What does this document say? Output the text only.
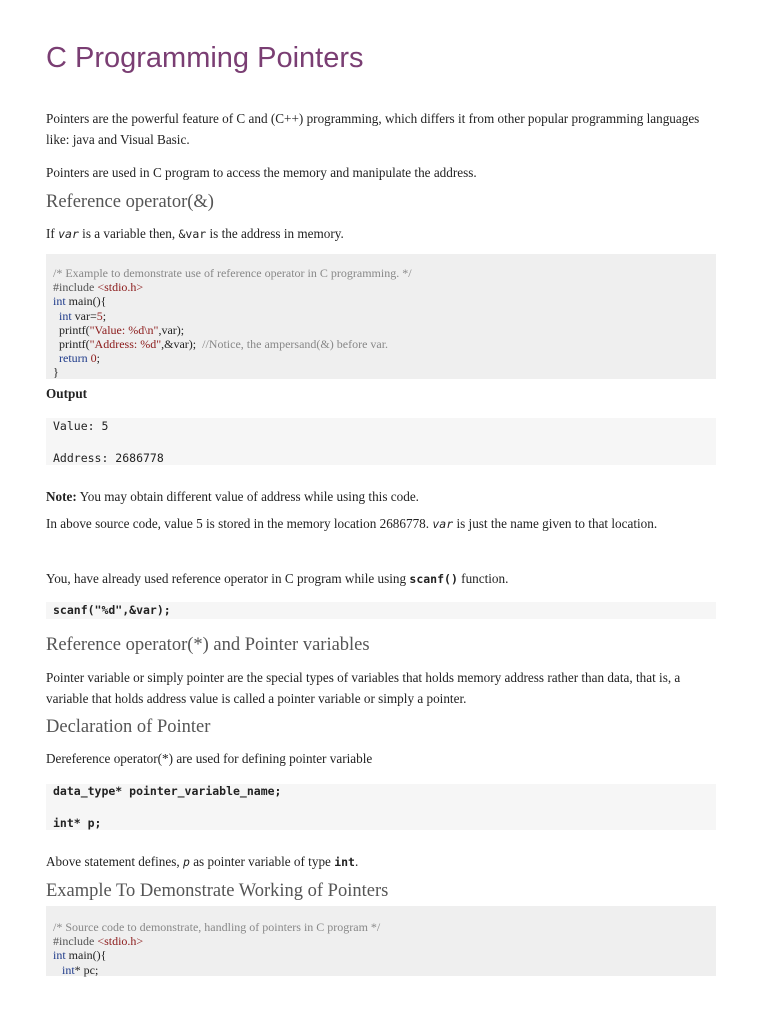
C Programming Pointers

Pointers are the powerful feature of C and (C++) programming, which differs it from other popular programming languages like: java and Visual Basic.

Pointers are used in C program to access the memory and manipulate the address.

Reference operator(&)

If var is a variable then, &var is the address in memory.

/* Example to demonstrate use of reference operator in C programming. */
#include <stdio.h>
int main(){
int var=5;
printf("Value: %d\n",var);
printf("Address: %d",&var);  //Notice, the ampersand(&) before var.
return 0;
}

Output

Value: 5
Address: 2686778

Note: You may obtain different value of address while using this code.

In above source code, value 5 is stored in the memory location 2686778. var is just the name given to that location.

You, have already used reference operator in C program while using scanf() function.

scanf("%d",&var);
Reference operator(*) and Pointer variables

Pointer variable or simply pointer are the special types of variables that holds memory address rather than data, that is, a variable that holds address value is called a pointer variable or simply a pointer.

Declaration of Pointer

Dereference operator(*) are used for defining pointer variable

data_type* pointer_variable_name;
int* p;

Above statement defines, p as pointer variable of type int.

Example To Demonstrate Working of Pointers
/* Source code to demonstrate, handling of pointers in C program */
#include <stdio.h>
int main(){
int* pc;
